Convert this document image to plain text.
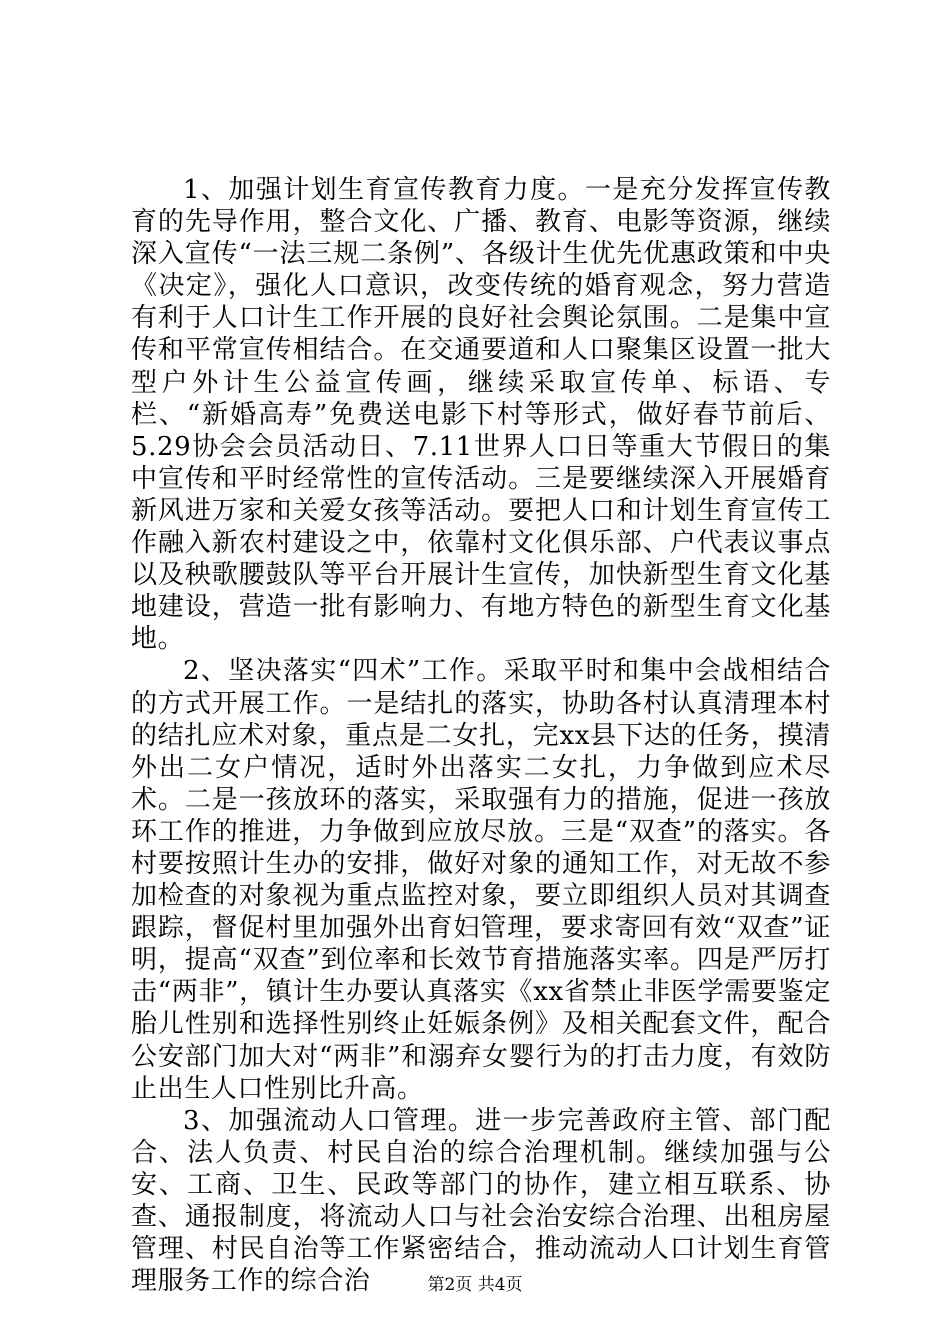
1、加强计划生育宣传教育力度。一是充分发挥宣传教育的先导作用，整合文化、广播、教育、电影等资源，继续深入宣传“一法三规二条例”、各级计生优先优惠政策和中央《决定》，强化人口意识，改变传统的婚育观念，努力营造有利于人口计生工作开展的良好社会舆论氛围。二是集中宣传和平常宣传相结合。在交通要道和人口聚集区设置一批大型户外计生公益宣传画，继续采取宣传单、标语、专栏、“新婚高寿”免费送电影下村等形式，做好春节前后、5.29协会会员活动日、7.11世界人口日等重大节假日的集中宣传和平时经常性的宣传活动。三是要继续深入开展婚育新风进万家和关爱女孩等活动。要把人口和计划生育宣传工作融入新农村建设之中，依靠村文化俱乐部、户代表议事点以及秧歌腰鼓队等平台开展计生宣传，加快新型生育文化基地建设，营造一批有影响力、有地方特色的新型生育文化基地。

2、坚决落实“四术”工作。采取平时和集中会战相结合的方式开展工作。一是结扎的落实，协助各村认真清理本村的结扎应术对象，重点是二女扎，完xx县下达的任务，摸清外出二女户情况，适时外出落实二女扎，力争做到应术尽术。二是一孩放环的落实，采取强有力的措施，促进一孩放环工作的推进，力争做到应放尽放。三是“双查”的落实。各村要按照计生办的安排，做好对象的通知工作，对无故不参加检查的对象视为重点监控对象，要立即组织人员对其调查跟踪，督促村里加强外出育妇管理，要求寄回有效“双查”证明，提高“双查”到位率和长效节育措施落实率。四是严厉打击“两非”，镇计生办要认真落实《xx省禁止非医学需要鉴定胎儿性别和选择性别终止妊娠条例》及相关配套文件，配合公安部门加大对“两非”和溺弃女婴行为的打击力度，有效防止出生人口性别比升高。

3、加强流动人口管理。进一步完善政府主管、部门配合、法人负责、村民自治的综合治理机制。继续加强与公安、工商、卫生、民政等部门的协作，建立相互联系、协查、通报制度，将流动人口与社会治安综合治理、出租房屋管理、村民自治等工作紧密结合，推动流动人口计划生育管理服务工作的综合治	第2页 共4页
